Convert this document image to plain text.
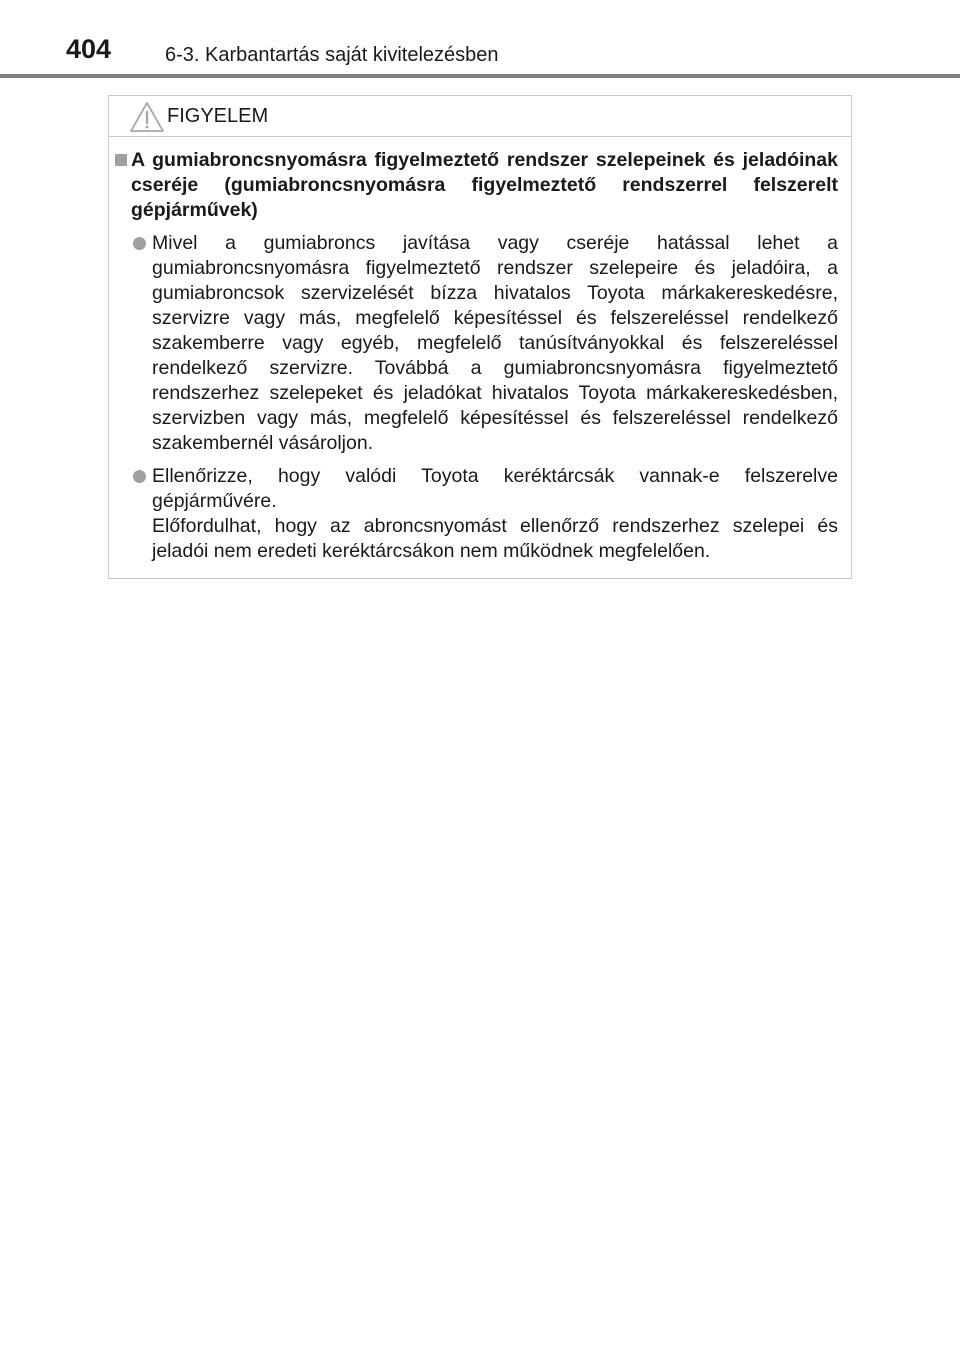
404	6-3. Karbantartás saját kivitelezésben
FIGYELEM
A gumiabroncsnyomásra figyelmeztető rendszer szelepeinek és jeladóinak cseréje (gumiabroncsnyomásra figyelmeztető rendszerrel felszerelt gépjárművek)
Mivel a gumiabroncs javítása vagy cseréje hatással lehet a gumiabroncsnyomásra figyelmeztető rendszer szelepeire és jeladóira, a gumiabroncsok szervizelését bízza hivatalos Toyota márkakereskedésre, szervizre vagy más, megfelelő képesítéssel és felszereléssel rendelkező szakemberre vagy egyéb, megfelelő tanúsítványokkal és felszereléssel rendelkező szervizre. Továbbá a gumiabroncsnyomásra figyelmeztető rendszerhez szelepeket és jeladókat hivatalos Toyota márkakereskedésben, szervizben vagy más, megfelelő képesítéssel és felszereléssel rendelkező szakembernél vásároljon.
Ellenőrizze, hogy valódi Toyota keréktárcsák vannak-e felszerelve gépjárművére.
Előfordulhat, hogy az abroncsnyomást ellenőrző rendszerhez szelepei és jeladói nem eredeti keréktárcsákon nem működnek megfelelően.
